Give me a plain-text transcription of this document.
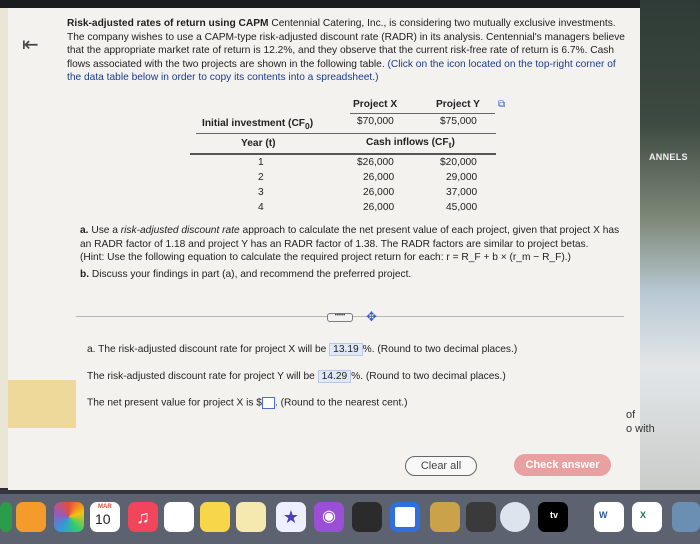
ANNELS
of
o with
⇤
Risk-adjusted rates of return using CAPM Centennial Catering, Inc., is considering two mutually exclusive investments. The company wishes to use a CAPM-type risk-adjusted discount rate (RADR) in its analysis. Centennial's managers believe that the appropriate market rate of return is 12.2%, and they observe that the current risk-free rate of return is 6.7%. Cash flows associated with the two projects are shown in the following table. (Click on the icon located on the top-right corner of the data table below in order to copy its contents into a spreadsheet.)
⧉
Project X	Project Y
Initial investment $(CF_0)$	$70,000	$75,000
Year (t)	Cash inflows $(CF_t)$
1	$26,000	$20,000
2	26,000	29,000
3	26,000	37,000
4	26,000	45,000
a. Use a risk-adjusted discount rate approach to calculate the net present value of each project, given that project X has an RADR factor of 1.18 and project Y has an RADR factor of 1.38. The RADR factors are similar to project betas.
(Hint: Use the following equation to calculate the required project return for each: r = R_F + b × (r_m − R_F).)
b. Discuss your findings in part (a), and recommend the preferred project.
•••••	✥
a. The risk-adjusted discount rate for project X will be 13.19 %. (Round to two decimal places.)
The risk-adjusted discount rate for project Y will be 14.29 %. (Round to two decimal places.)
The net present value for project X is $ . (Round to the nearest cent.)
Clear all	Check answer
MAR
10	♫	★	◉	tv	W	X
